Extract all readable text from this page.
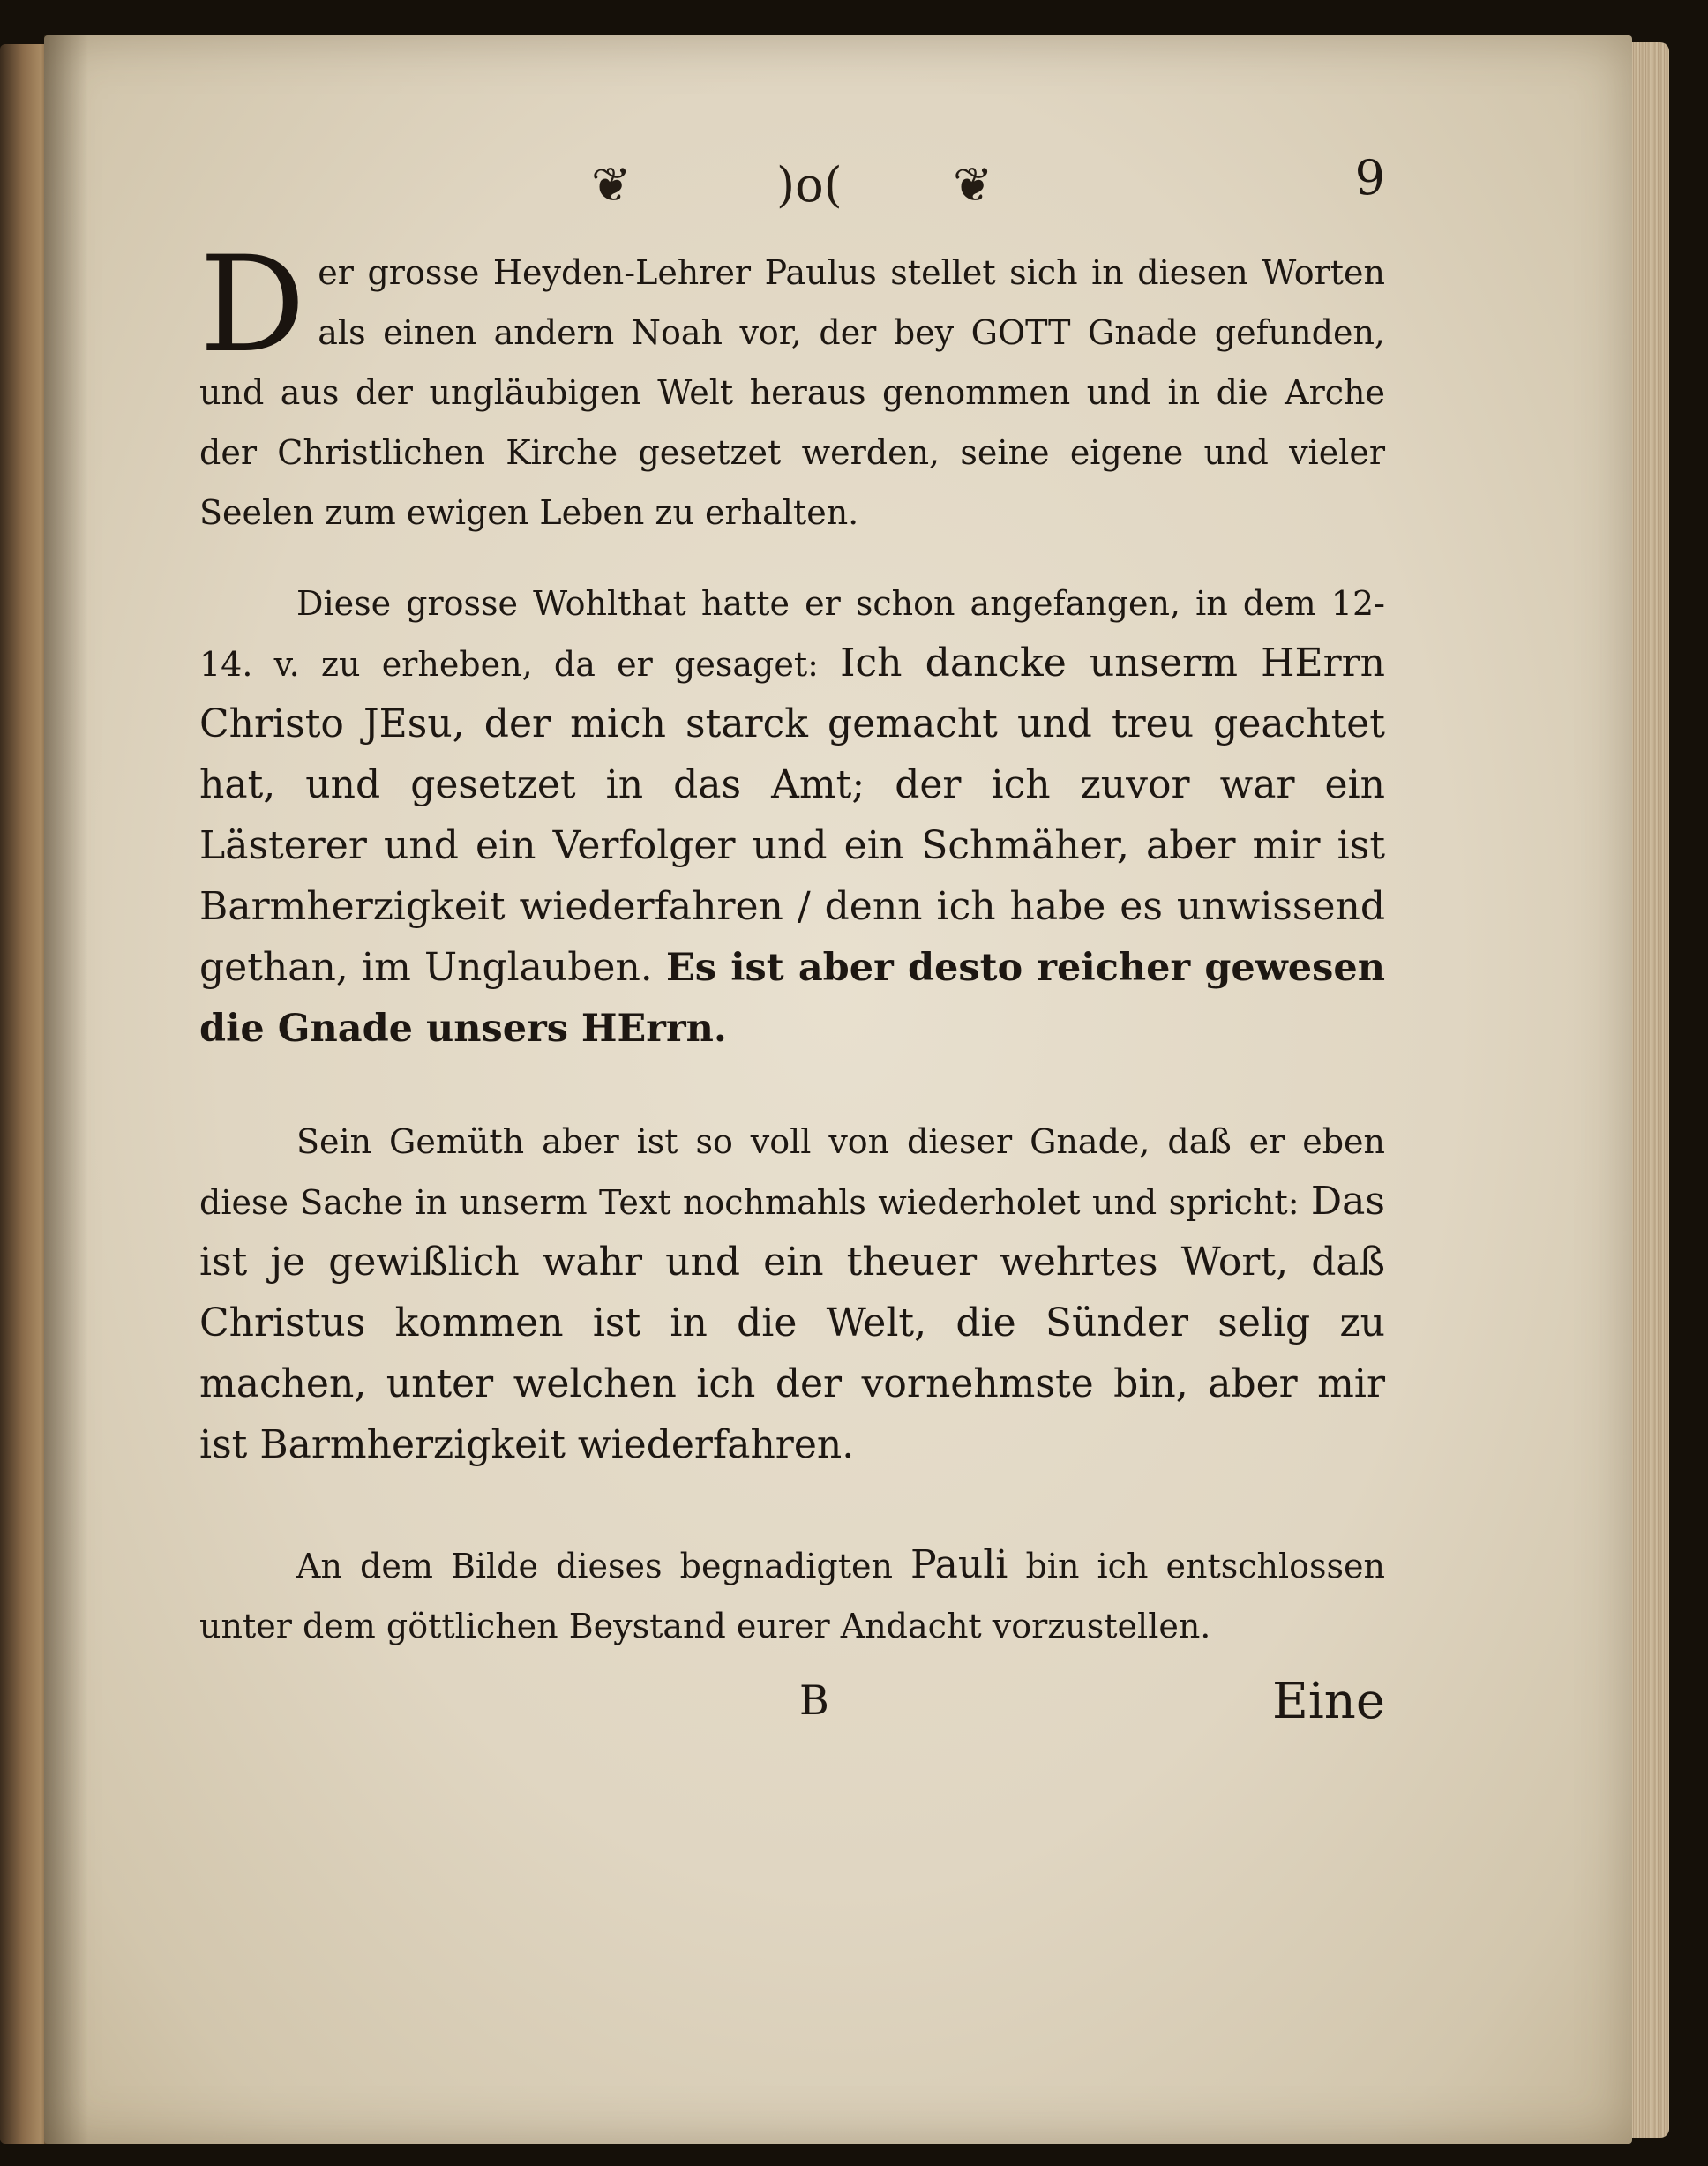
❦	)o( ❦	9
D er grosse Heyden-Lehrer Paulus stellet sich in diesen Worten als einen andern Noah vor, der bey GOTT Gnade gefunden, und aus der ungläubigen Welt heraus genommen und in die Arche der Christlichen Kirche gesetzet werden, seine eigene und vieler Seelen zum ewigen Leben zu erhalten.
Diese grosse Wohlthat hatte er schon angefangen, in dem 12-14. v. zu erheben, da er gesaget: Ich dancke unserm HErrn Christo JEsu, der mich starck gemacht und treu geachtet hat, und gesetzet in das Amt; der ich zuvor war ein Lästerer und ein Verfolger und ein Schmäher, aber mir ist Barmherzigkeit wiederfahren / denn ich habe es unwissend gethan, im Unglauben. Es ist aber desto reicher gewesen die Gnade unsers HErrn.
Sein Gemüth aber ist so voll von dieser Gnade, daß er eben diese Sache in unserm Text nochmahls wiederholet und spricht: Das ist je gewißlich wahr und ein theuer wehrtes Wort, daß Christus kommen ist in die Welt, die Sünder selig zu machen, unter welchen ich der vornehmste bin, aber mir ist Barmherzigkeit wiederfahren.
An dem Bilde dieses begnadigten Pauli bin ich entschlossen unter dem göttlichen Beystand eurer Andacht vorzustellen.
B	Eine
